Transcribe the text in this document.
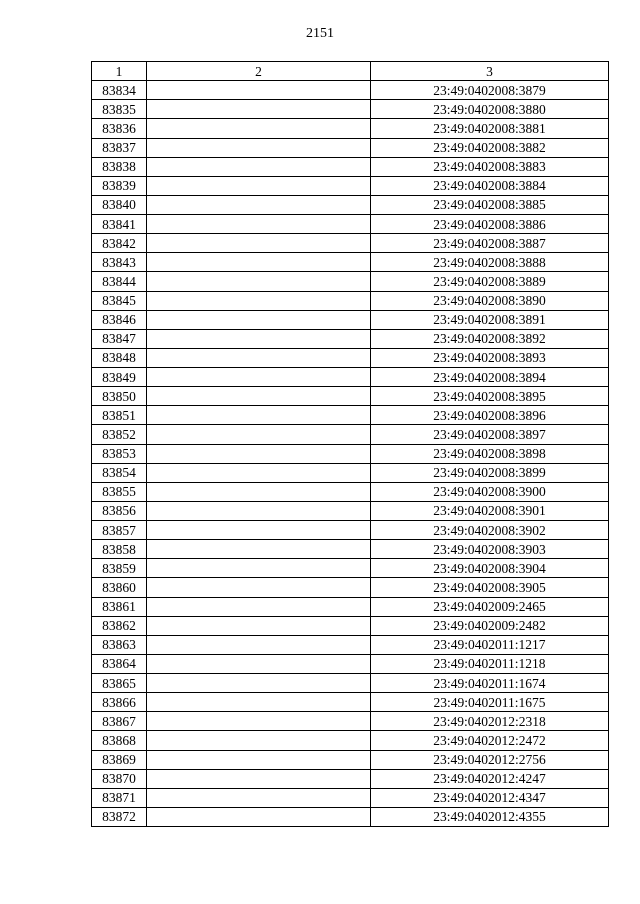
2151
1	2	3
83834		23:49:0402008:3879
83835		23:49:0402008:3880
83836		23:49:0402008:3881
83837		23:49:0402008:3882
83838		23:49:0402008:3883
83839		23:49:0402008:3884
83840		23:49:0402008:3885
83841		23:49:0402008:3886
83842		23:49:0402008:3887
83843		23:49:0402008:3888
83844		23:49:0402008:3889
83845		23:49:0402008:3890
83846		23:49:0402008:3891
83847		23:49:0402008:3892
83848		23:49:0402008:3893
83849		23:49:0402008:3894
83850		23:49:0402008:3895
83851		23:49:0402008:3896
83852		23:49:0402008:3897
83853		23:49:0402008:3898
83854		23:49:0402008:3899
83855		23:49:0402008:3900
83856		23:49:0402008:3901
83857		23:49:0402008:3902
83858		23:49:0402008:3903
83859		23:49:0402008:3904
83860		23:49:0402008:3905
83861		23:49:0402009:2465
83862		23:49:0402009:2482
83863		23:49:0402011:1217
83864		23:49:0402011:1218
83865		23:49:0402011:1674
83866		23:49:0402011:1675
83867		23:49:0402012:2318
83868		23:49:0402012:2472
83869		23:49:0402012:2756
83870		23:49:0402012:4247
83871		23:49:0402012:4347
83872		23:49:0402012:4355
